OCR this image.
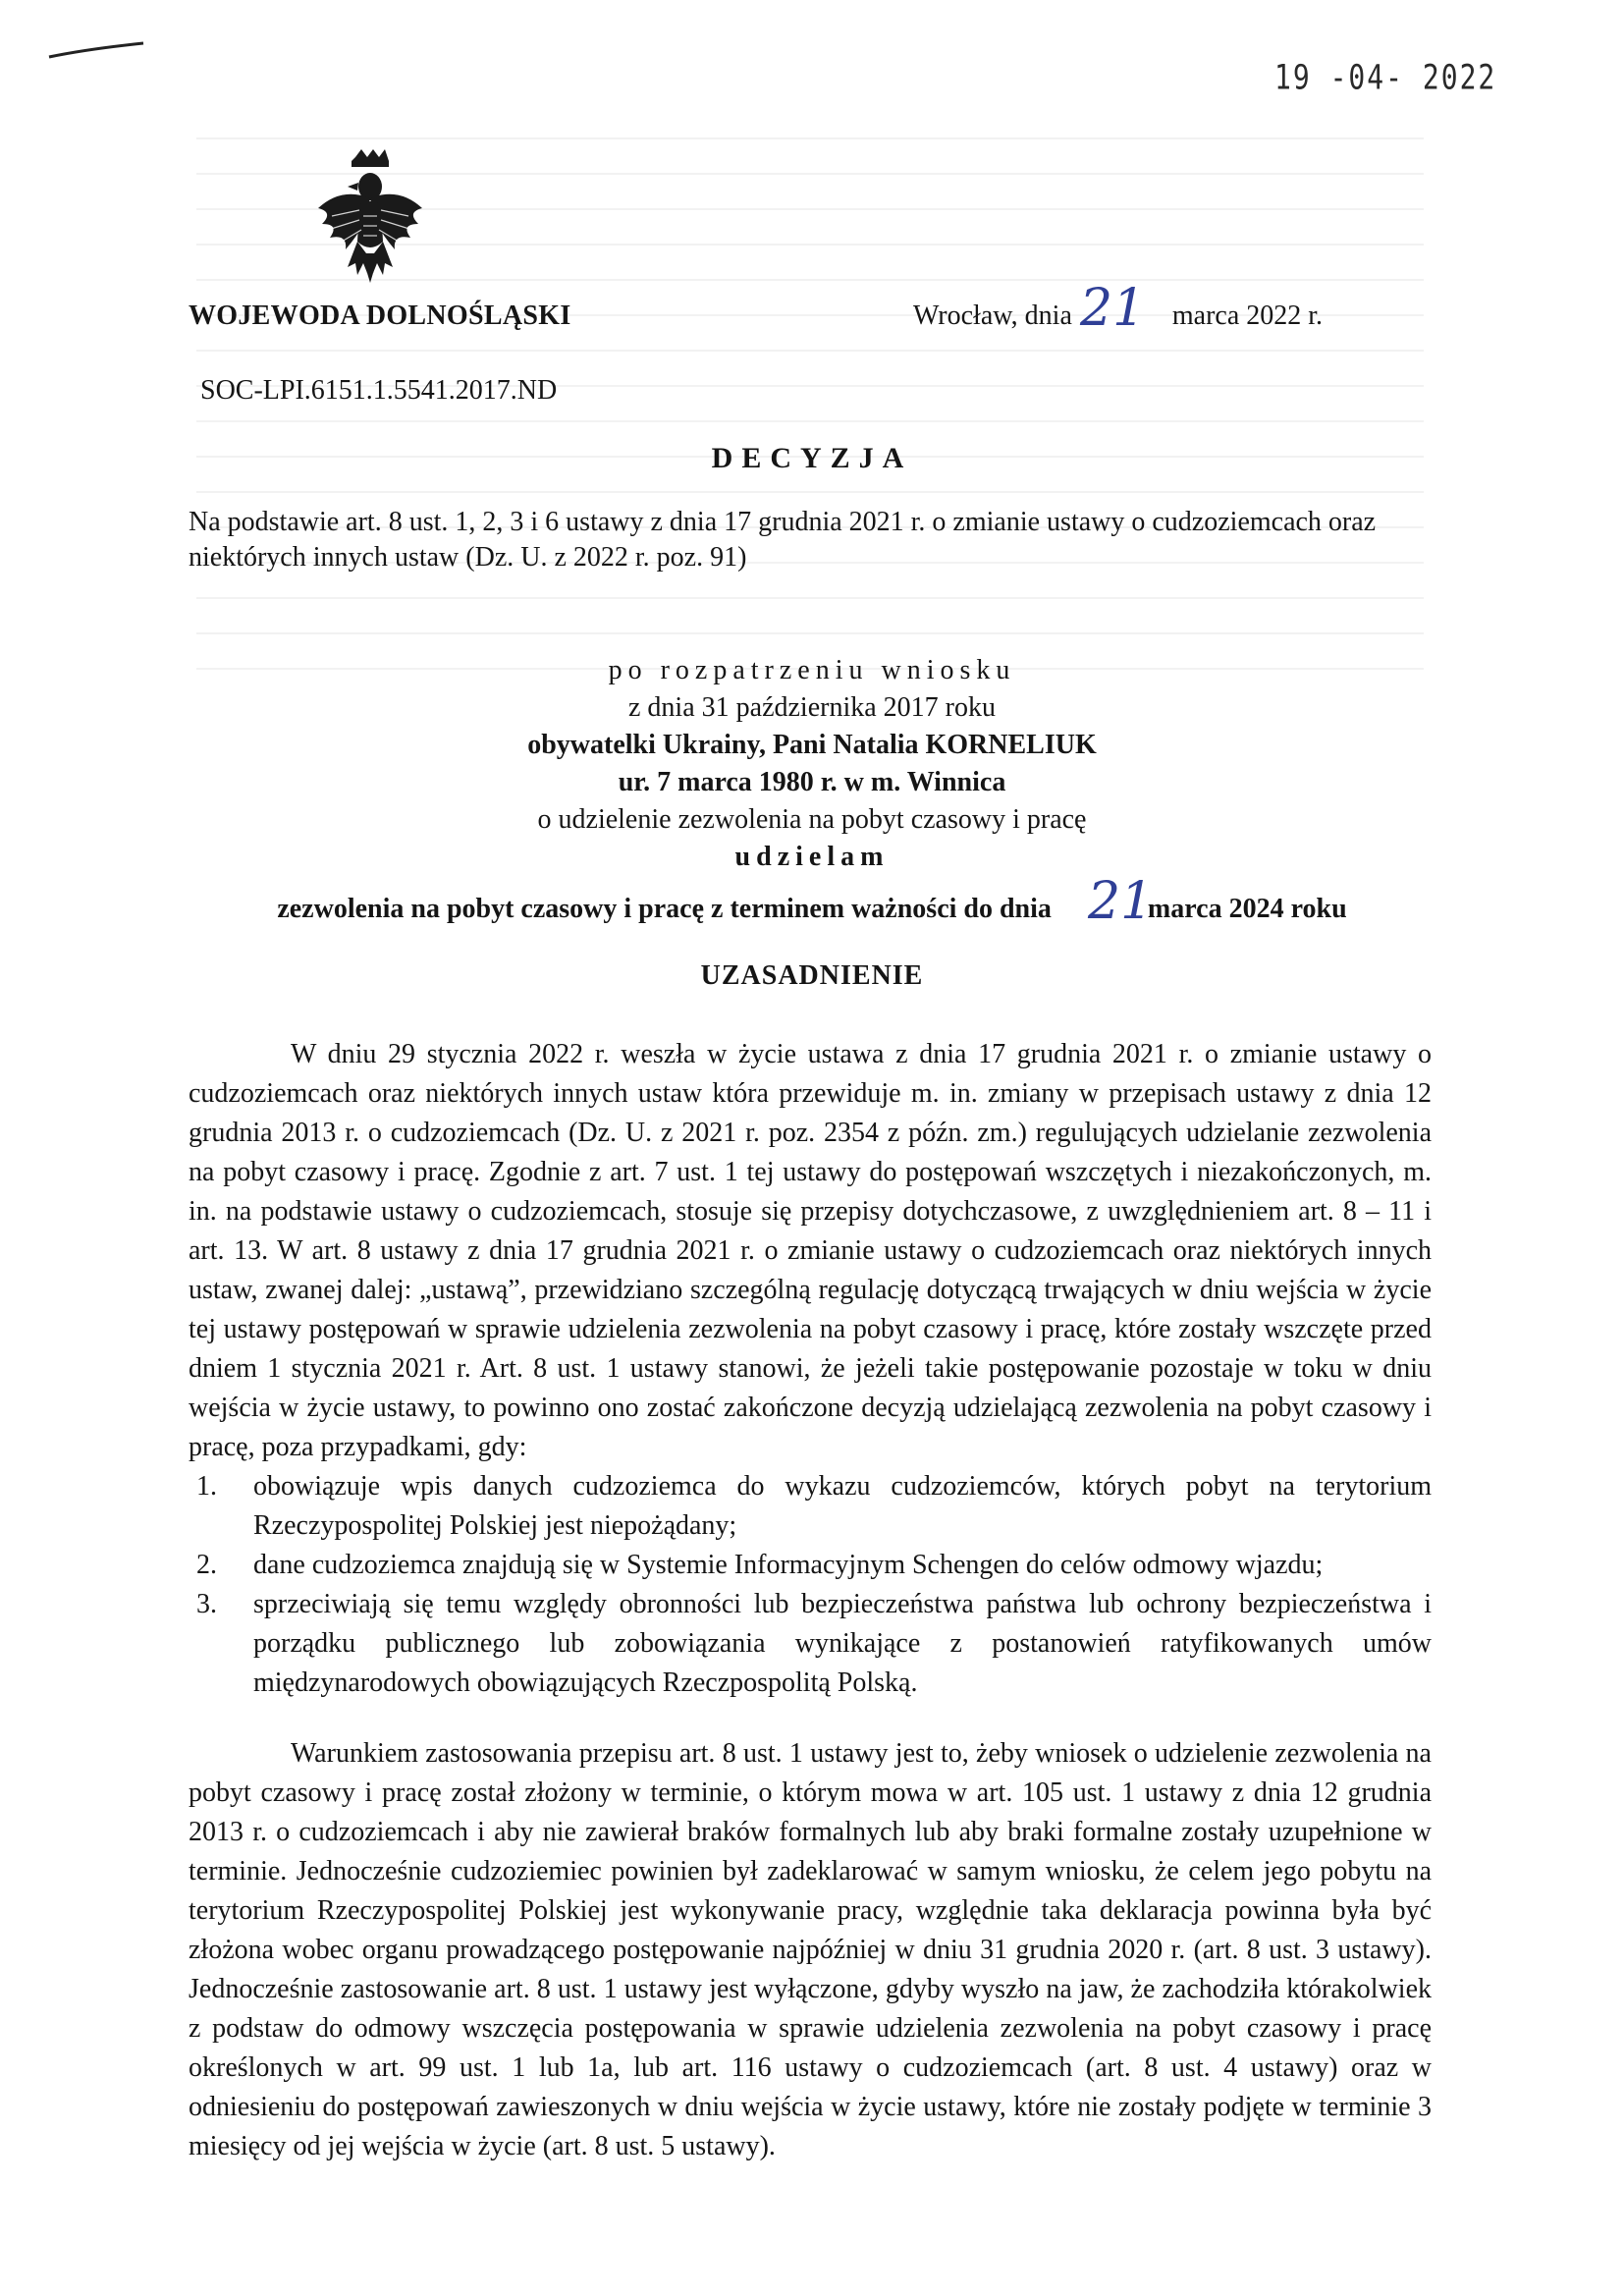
19 -04- 2022
WOJEWODA DOLNOŚLĄSKI	Wrocław, dnia	marca 2022 r.
21
SOC-LPI.6151.1.5541.2017.ND
DECYZJA
Na podstawie art. 8 ust. 1, 2, 3 i 6 ustawy z dnia 17 grudnia 2021 r. o zmianie ustawy o cudzoziemcach oraz niektórych innych ustaw (Dz. U. z 2022 r. poz. 91)
po rozpatrzeniu wniosku
z dnia 31 października 2017 roku
obywatelki Ukrainy, Pani Natalia KORNELIUK
ur. 7 marca 1980 r. w m. Winnica
o udzielenie zezwolenia na pobyt czasowy i pracę
udzielam
zezwolenia na pobyt czasowy i pracę z terminem ważności do dnia	marca 2024 roku
21
UZASADNIENIE

W dniu 29 stycznia 2022 r. weszła w życie ustawa z dnia 17 grudnia 2021 r. o zmianie ustawy o cudzoziemcach oraz niektórych innych ustaw która przewiduje m. in. zmiany w przepisach ustawy z dnia 12 grudnia 2013 r. o cudzoziemcach (Dz. U. z 2021 r. poz. 2354 z późn. zm.) regulujących udzielanie zezwolenia na pobyt czasowy i pracę. Zgodnie z art. 7 ust. 1 tej ustawy do postępowań wszczętych i niezakończonych, m. in. na podstawie ustawy o cudzoziemcach, stosuje się przepisy dotychczasowe, z uwzględnieniem art. 8 – 11 i art. 13. W art. 8 ustawy z dnia 17 grudnia 2021 r. o zmianie ustawy o cudzoziemcach oraz niektórych innych ustaw, zwanej dalej: „ustawą”, przewidziano szczególną regulację dotyczącą trwających w dniu wejścia w życie tej ustawy postępowań w sprawie udzielenia zezwolenia na pobyt czasowy i pracę, które zostały wszczęte przed dniem 1 stycznia 2021 r. Art. 8 ust. 1 ustawy stanowi, że jeżeli takie postępowanie pozostaje w toku w dniu wejścia w życie ustawy, to powinno ono zostać zakończone decyzją udzielającą zezwolenia na pobyt czasowy i pracę, poza przypadkami, gdy:

1. obowiązuje wpis danych cudzoziemca do wykazu cudzoziemców, których pobyt na terytorium Rzeczypospolitej Polskiej jest niepożądany;
2. dane cudzoziemca znajdują się w Systemie Informacyjnym Schengen do celów odmowy wjazdu;
3. sprzeciwiają się temu względy obronności lub bezpieczeństwa państwa lub ochrony bezpieczeństwa i porządku publicznego lub zobowiązania wynikające z postanowień ratyfikowanych umów międzynarodowych obowiązujących Rzeczpospolitą Polską.

Warunkiem zastosowania przepisu art. 8 ust. 1 ustawy jest to, żeby wniosek o udzielenie zezwolenia na pobyt czasowy i pracę został złożony w terminie, o którym mowa w art. 105 ust. 1 ustawy z dnia 12 grudnia 2013 r. o cudzoziemcach i aby nie zawierał braków formalnych lub aby braki formalne zostały uzupełnione w terminie. Jednocześnie cudzoziemiec powinien był zadeklarować w samym wniosku, że celem jego pobytu na terytorium Rzeczypospolitej Polskiej jest wykonywanie pracy, względnie taka deklaracja powinna była być złożona wobec organu prowadzącego postępowanie najpóźniej w dniu 31 grudnia 2020 r. (art. 8 ust. 3 ustawy). Jednocześnie zastosowanie art. 8 ust. 1 ustawy jest wyłączone, gdyby wyszło na jaw, że zachodziła którakolwiek z podstaw do odmowy wszczęcia postępowania w sprawie udzielenia zezwolenia na pobyt czasowy i pracę określonych w art. 99 ust. 1 lub 1a, lub art. 116 ustawy o cudzoziemcach (art. 8 ust. 4 ustawy) oraz w odniesieniu do postępowań zawieszonych w dniu wejścia w życie ustawy, które nie zostały podjęte w terminie 3 miesięcy od jej wejścia w życie (art. 8 ust. 5 ustawy).
